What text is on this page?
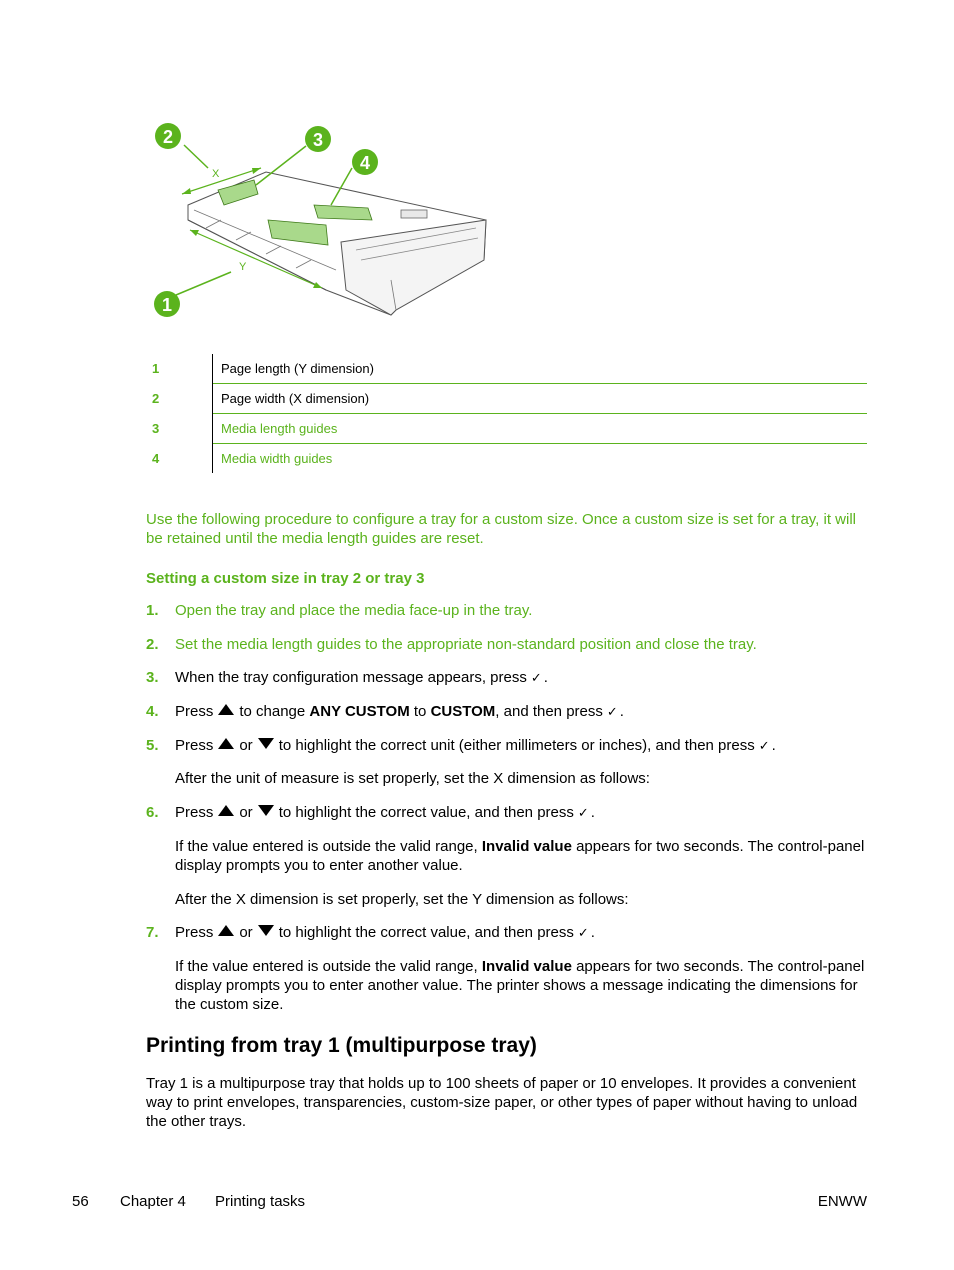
X
Y
2	3
4
1
1	Page length (Y dimension)
2	Page width (X dimension)
3	Media length guides
4	Media width guides
Use the following procedure to configure a tray for a custom size. Once a custom size is set for a tray, it will be retained until the media length guides are reset.
Setting a custom size in tray 2 or tray 3
1. Open the tray and place the media face-up in the tray.
2. Set the media length guides to the appropriate non-standard position and close the tray.
3. When the tray configuration message appears, press ✓ .
4. Press to change ANY CUSTOM to CUSTOM, and then press ✓ .
5. Press or to highlight the correct unit (either millimeters or inches), and then press ✓ .
After the unit of measure is set properly, set the X dimension as follows:
6. Press or to highlight the correct value, and then press ✓ .
If the value entered is outside the valid range, Invalid value appears for two seconds. The control-panel display prompts you to enter another value.
After the X dimension is set properly, set the Y dimension as follows:
7. Press or to highlight the correct value, and then press ✓ .
If the value entered is outside the valid range, Invalid value appears for two seconds. The control-panel display prompts you to enter another value. The printer shows a message indicating the dimensions for the custom size.
Printing from tray 1 (multipurpose tray)
Tray 1 is a multipurpose tray that holds up to 100 sheets of paper or 10 envelopes. It provides a convenient way to print envelopes, transparencies, custom-size paper, or other types of paper without having to unload the other trays.
56 Chapter 4 Printing tasks	ENWW
